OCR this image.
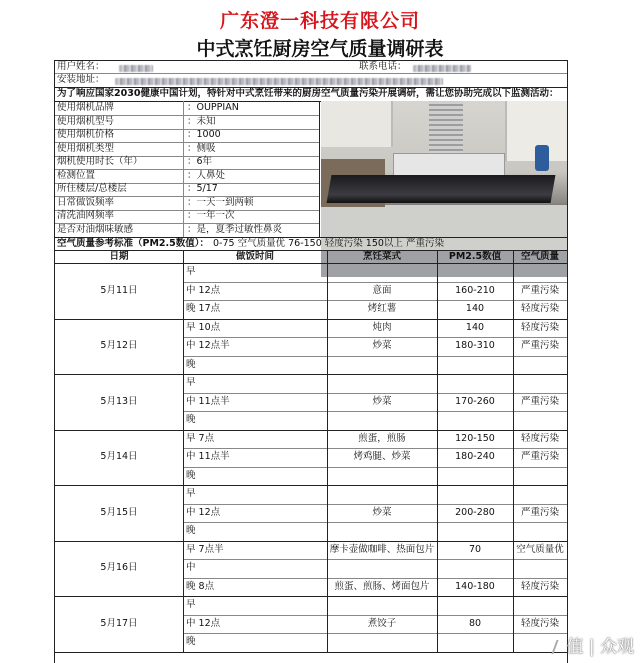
广东澄一科技有限公司
中式烹饪厨房空气质量调研表
用户姓名：	联系电话：
安装地址：
为了响应国家2030健康中国计划，特针对中式烹饪带来的厨房空气质量污染开展调研，需让您协助完成以下监测活动：
使用烟机品牌	：OUPPIAN
使用烟机型号	：未知
使用烟机价格	：1000
使用烟机类型	：侧吸
烟机使用时长（年）	：6年
检测位置	：人鼻处
所住楼层/总楼层	：5/17
日常做饭频率	：一天一到两顿
清洗油网频率	：一年一次
是否对油烟味敏感	：是，夏季过敏性鼻炎
空气质量参考标准（PM2.5数值）： 0-75 空气质量优 76-150 轻度污染 150以上 严重污染
日期	做饭时间	烹饪菜式	PM2.5数值	空气质量
5月11日
早
中 12点	意面	160-210	严重污染
晚 17点	烤红薯	140	轻度污染
5月12日
早 10点	炖肉	140	轻度污染
中 12点半	炒菜	180-310	严重污染
晚
5月13日
早
中 11点半	炒菜	170-260	严重污染
晚
5月14日
早 7点	煎蛋，煎肠	120-150	轻度污染
中 11点半	烤鸡腿、炒菜	180-240	严重污染
晚
5月15日
早
中 12点	炒菜	200-280	严重污染
晚
5月16日
早 7点半	摩卡壶做咖啡、热面包片	70	空气质量优
中
晚 8点	煎蛋、煎肠、烤面包片	140-180	轻度污染
5月17日
早
中 12点	煮饺子	80	轻度污染
晚	值 | 众观
